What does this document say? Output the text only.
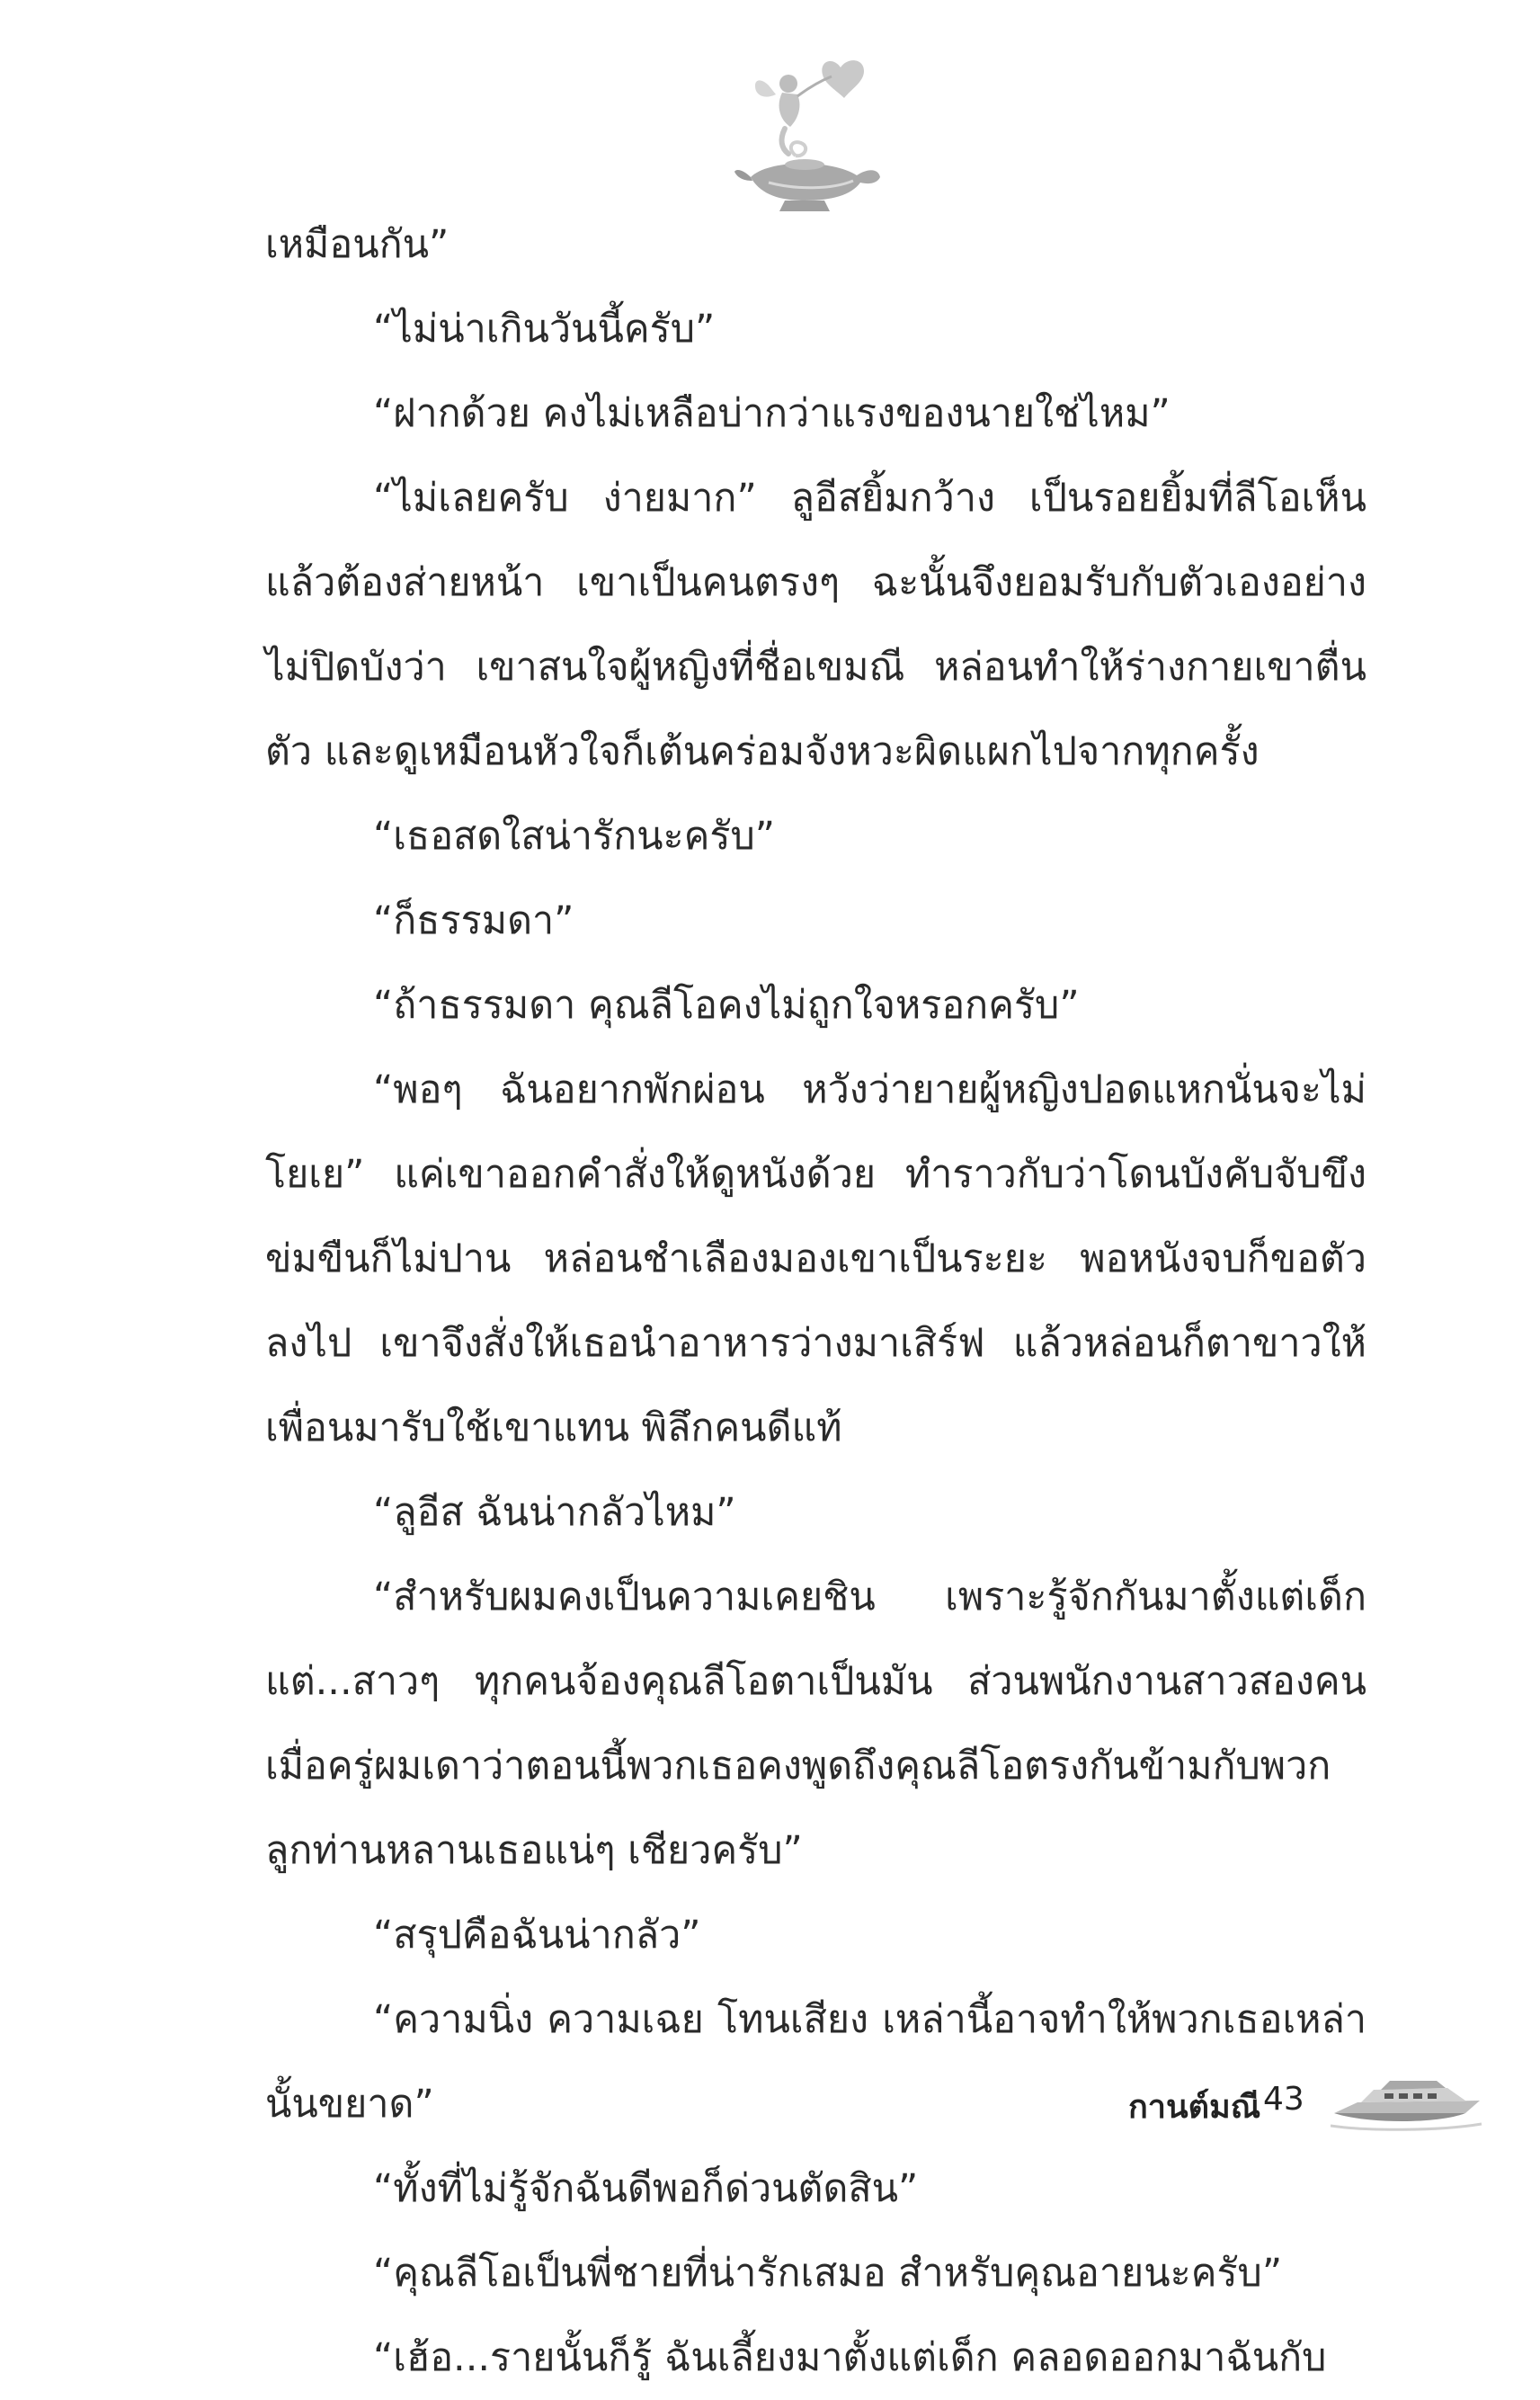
เหมือนกัน”

“ไม่น่าเกินวันนี้ครับ”

“ฝากด้วย คงไม่เหลือบ่ากว่าแรงของนายใช่ไหม”

“ไม่เลยครับ ง่ายมาก” ลูอีสยิ้มกว้าง เป็นรอยยิ้มที่ลีโอเห็นแล้วต้องส่ายหน้า เขาเป็นคนตรงๆ ฉะนั้นจึงยอมรับกับตัวเองอย่างไม่ปิดบังว่า เขาสนใจผู้หญิงที่ชื่อเขมณี หล่อนทำให้ร่างกายเขาตื่นตัว และดูเหมือนหัวใจก็เต้นคร่อมจังหวะผิดแผกไปจากทุกครั้ง

“เธอสดใสน่ารักนะครับ”

“ก็ธรรมดา”

“ถ้าธรรมดา คุณลีโอคงไม่ถูกใจหรอกครับ”

“พอๆ ฉันอยากพักผ่อน หวังว่ายายผู้หญิงปอดแหกนั่นจะไม่โยเย” แค่เขาออกคำสั่งให้ดูหนังด้วย ทำราวกับว่าโดนบังคับจับขึงข่มขืนก็ไม่ปาน หล่อนชำเลืองมองเขาเป็นระยะ พอหนังจบก็ขอตัวลงไป เขาจึงสั่งให้เธอนำอาหารว่างมาเสิร์ฟ แล้วหล่อนก็ตาขาวให้เพื่อนมารับใช้เขาแทน พิลึกคนดีแท้

“ลูอีส ฉันน่ากลัวไหม”

“สำหรับผมคงเป็นความเคยชิน เพราะรู้จักกันมาตั้งแต่เด็ก แต่...สาวๆ ทุกคนจ้องคุณลีโอตาเป็นมัน ส่วนพนักงานสาวสองคนเมื่อครู่ผมเดาว่าตอนนี้พวกเธอคงพูดถึงคุณลีโอตรงกันข้ามกับพวกลูกท่านหลานเธอแน่ๆ เชียวครับ”

“สรุปคือฉันน่ากลัว”

“ความนิ่ง ความเฉย โทนเสียง เหล่านี้อาจทำให้พวกเธอเหล่านั้นขยาด”

“ทั้งที่ไม่รู้จักฉันดีพอก็ด่วนตัดสิน”

“คุณลีโอเป็นพี่ชายที่น่ารักเสมอ สำหรับคุณอายนะครับ”

“เฮ้อ...รายนั้นก็รู้ ฉันเลี้ยงมาตั้งแต่เด็ก คลอดออกมาฉันกับ

กานต์มณี 43
